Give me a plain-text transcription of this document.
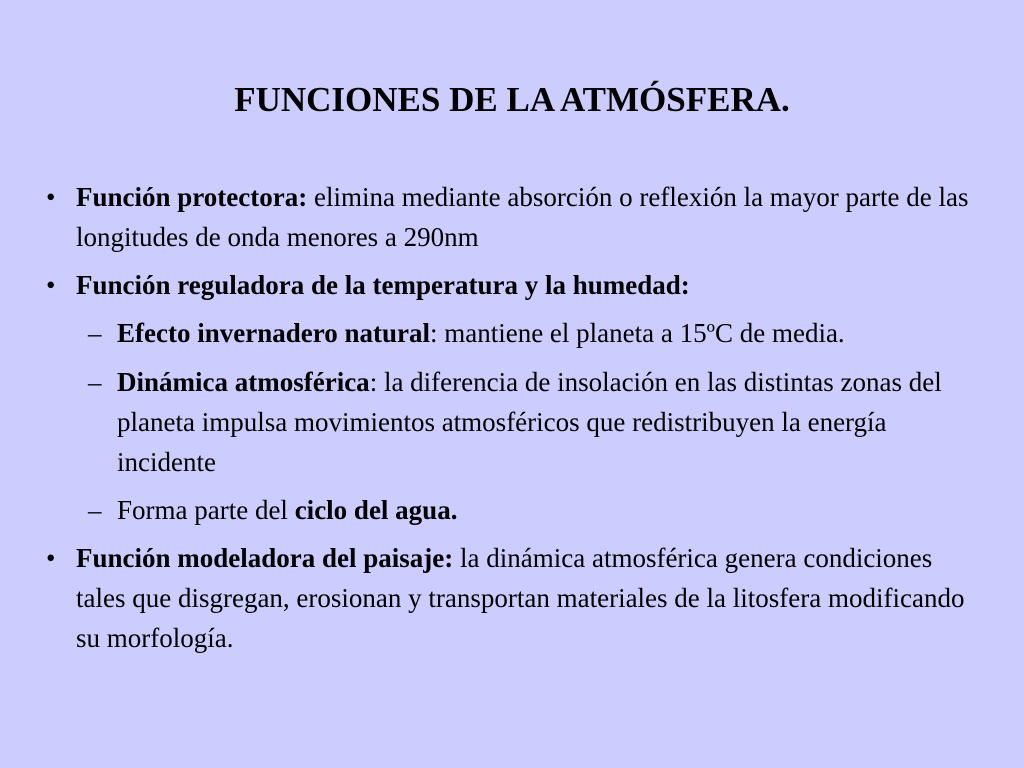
FUNCIONES DE LA ATMÓSFERA.

• Función protectora: elimina mediante absorción o reflexión la mayor parte de las longitudes de onda menores a 290nm

• Función reguladora de la temperatura y la humedad:

– Efecto invernadero natural: mantiene el planeta a 15ºC de media.

– Dinámica atmosférica: la diferencia de insolación en las distintas zonas del planeta impulsa movimientos atmosféricos que redistribuyen la energía incidente

– Forma parte del ciclo del agua.

• Función modeladora del paisaje: la dinámica atmosférica genera condiciones tales que disgregan, erosionan y transportan materiales de la litosfera modificando su morfología.
